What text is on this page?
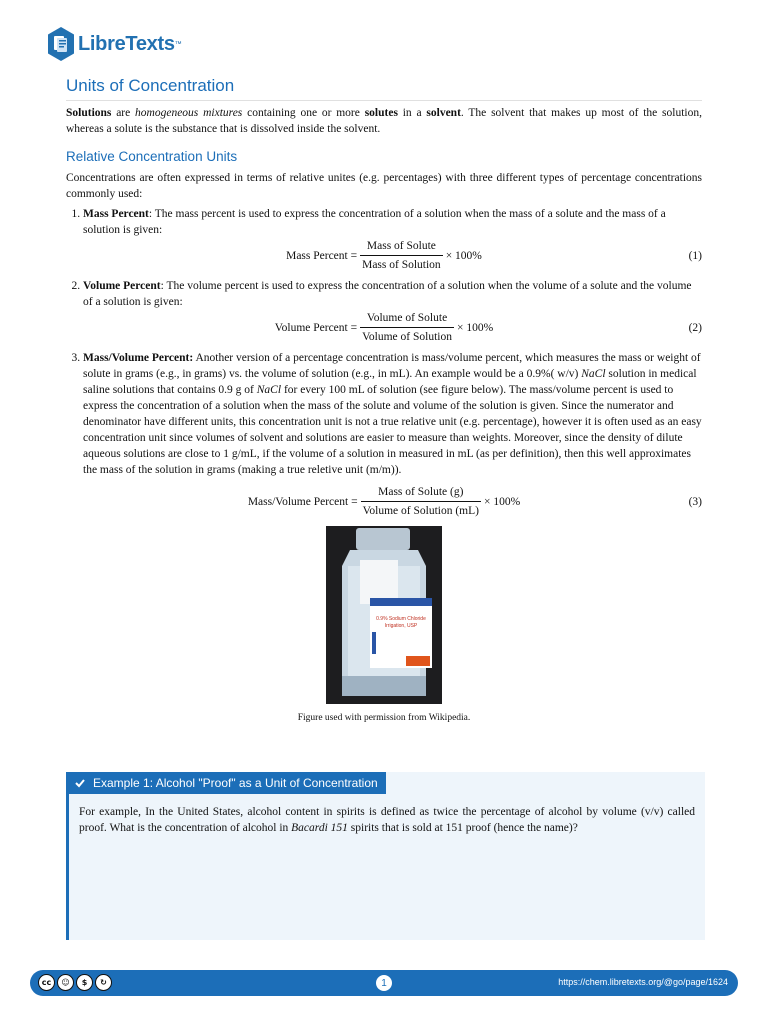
LibreTexts ™
Units of Concentration

Solutions are homogeneous mixtures containing one or more solutes in a solvent. The solvent that makes up most of the solution, whereas a solute is the substance that is dissolved inside the solvent.

Relative Concentration Units

Concentrations are often expressed in terms of relative unites (e.g. percentages) with three different types of percentage concentrations commonly used:

1. Mass Percent: The mass percent is used to express the concentration of a solution when the mass of a solute and the mass of a solution is given:
Mass Percent = $\frac{\text{Mass of Solute}}{\text{Mass of Solution}} \times 100\%$	(1)
2. Volume Percent: The volume percent is used to express the concentration of a solution when the volume of a solute and the volume of a solution is given:
Volume Percent = $\frac{\text{Volume of Solute}}{\text{Volume of Solution}} \times 100\%$	(2)
3. Mass/Volume Percent: Another version of a percentage concentration is mass/volume percent, which measures the mass or weight of solute in grams (e.g., in grams) vs. the volume of solution (e.g., in mL). An example would be a 0.9%( w/v) NaCl solution in medical saline solutions that contains 0.9 g of NaCl for every 100 mL of solution (see figure below). The mass/volume percent is used to express the concentration of a solution when the mass of the solute and volume of the solution is given. Since the numerator and denominator have different units, this concentration unit is not a true relative unit (e.g. percentage), however it is often used as an easy concentration unit since volumes of solvent and solutions are easier to measure than weights. Moreover, since the density of dilute aqueous solutions are close to 1 g/mL, if the volume of a solution in measured in mL (as per definition), then this well approximates the mass of the solution in grams (making a true reletive unit (m/m)).
Mass/Volume Percent = $\frac{\text{Mass of Solute (g)}}{\text{Volume of Solution (mL)}} \times 100\%$	(3)
0.9% Sodium Chloride
Irrigation, USP
Figure used with permission from Wikipedia.
Example 1: Alcohol "Proof" as a Unit of Concentration

For example, In the United States, alcohol content in spirits is defined as twice the percentage of alcohol by volume (v/v) called proof. What is the concentration of alcohol in Bacardi 151 spirits that is sold at 151 proof (hence the name)?

cc	☺	$	↻	1	https://chem.libretexts.org/@go/page/1624
